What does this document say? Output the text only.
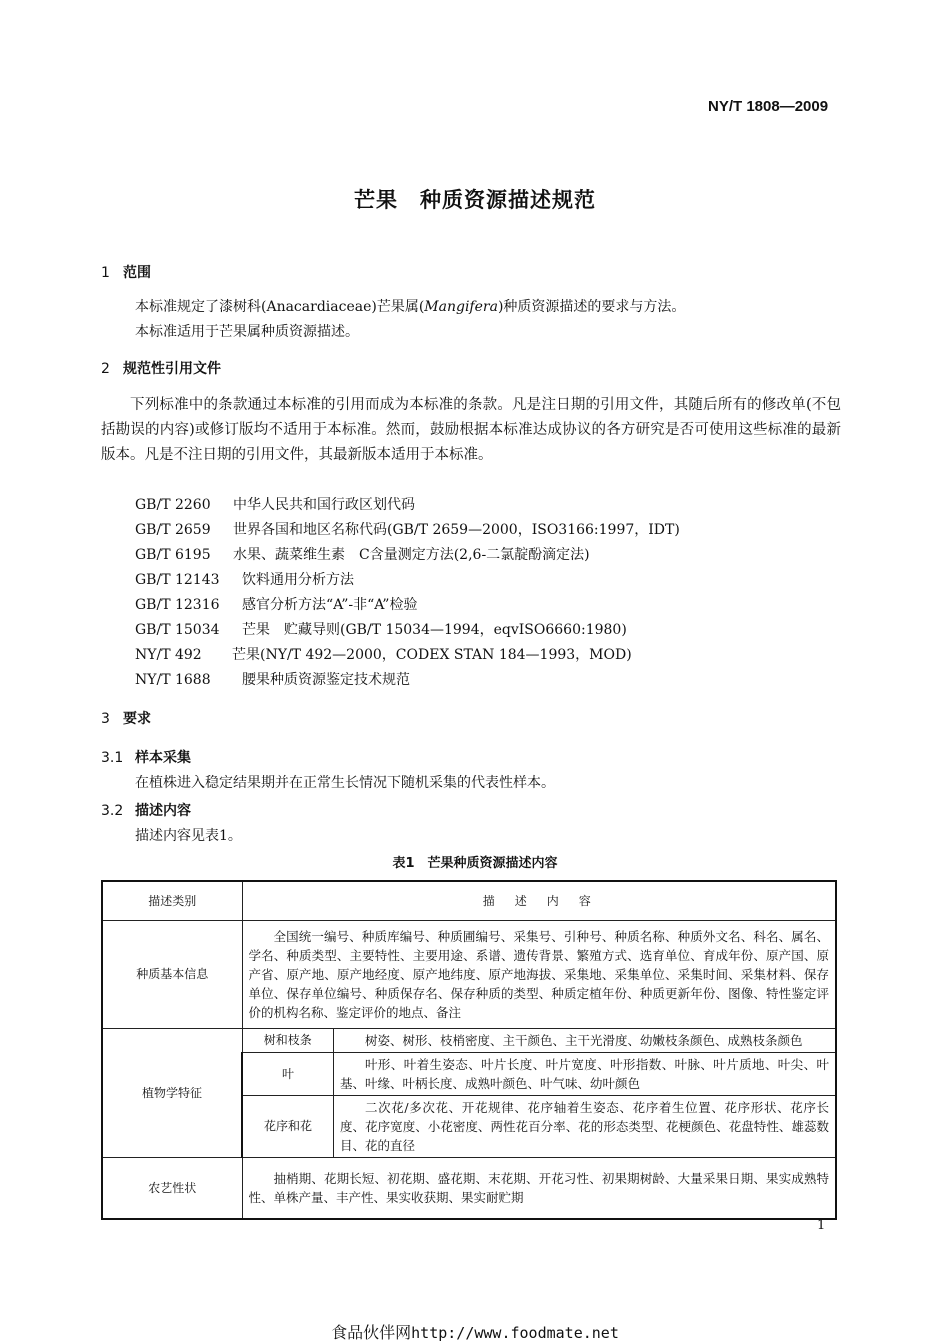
NY/T 1808—2009
芒果　种质资源描述规范
1 范围
本标准规定了漆树科(Anacardiaceae)芒果属(Mangifera)种质资源描述的要求与方法。
本标准适用于芒果属种质资源描述。
2 规范性引用文件

下列标准中的条款通过本标准的引用而成为本标准的条款。凡是注日期的引用文件，其随后所有的修改单(不包括勘误的内容)或修订版均不适用于本标准。然而，鼓励根据本标准达成协议的各方研究是否可使用这些标准的最新版本。凡是不注日期的引用文件，其最新版本适用于本标准。

GB/T 2260 中华人民共和国行政区划代码
GB/T 2659 世界各国和地区名称代码(GB/T 2659—2000，ISO3166:1997，IDT)
GB/T 6195 水果、蔬菜维生素　C含量测定方法(2,6-二氯靛酚滴定法)
GB/T 12143 饮料通用分析方法
GB/T 12316 感官分析方法“A”-非“A”检验
GB/T 15034 芒果　贮藏导则(GB/T 15034—1994，eqvISO6660:1980)
NY/T 492 芒果(NY/T 492—2000，CODEX STAN 184—1993，MOD)
NY/T 1688 腰果种质资源鉴定技术规范
3 要求
3.1 样本采集
在植株进入稳定结果期并在正常生长情况下随机采集的代表性样本。
3.2 描述内容
描述内容见表1。
表1　芒果种质资源描述内容
描述类别	描　述　内　容	
种质基本信息	全国统一编号、种质库编号、种质圃编号、采集号、引种号、种质名称、种质外文名、科名、属名、学名、种质类型、主要特性、主要用途、系谱、遗传背景、繁殖方式、选育单位、育成年份、原产国、原产省、原产地、原产地经度、原产地纬度、原产地海拔、采集地、采集单位、采集时间、采集材料、保存单位、保存单位编号、种质保存名、保存种质的类型、种质定植年份、种质更新年份、图像、特性鉴定评价的机构名称、鉴定评价的地点、备注	
植物学特征	树和枝条	树姿、树形、枝梢密度、主干颜色、主干光滑度、幼嫩枝条颜色、成熟枝条颜色
	叶	叶形、叶着生姿态、叶片长度、叶片宽度、叶形指数、叶脉、叶片质地、叶尖、叶基、叶缘、叶柄长度、成熟叶颜色、叶气味、幼叶颜色
	花序和花	二次花/多次花、开花规律、花序轴着生姿态、花序着生位置、花序形状、花序长度、花序宽度、小花密度、两性花百分率、花的形态类型、花梗颜色、花盘特性、雄蕊数目、花的直径
农艺性状	抽梢期、花期长短、初花期、盛花期、末花期、开花习性、初果期树龄、大量采果日期、果实成熟特性、单株产量、丰产性、果实收获期、果实耐贮期	
1
食品伙伴网http://www.foodmate.net
